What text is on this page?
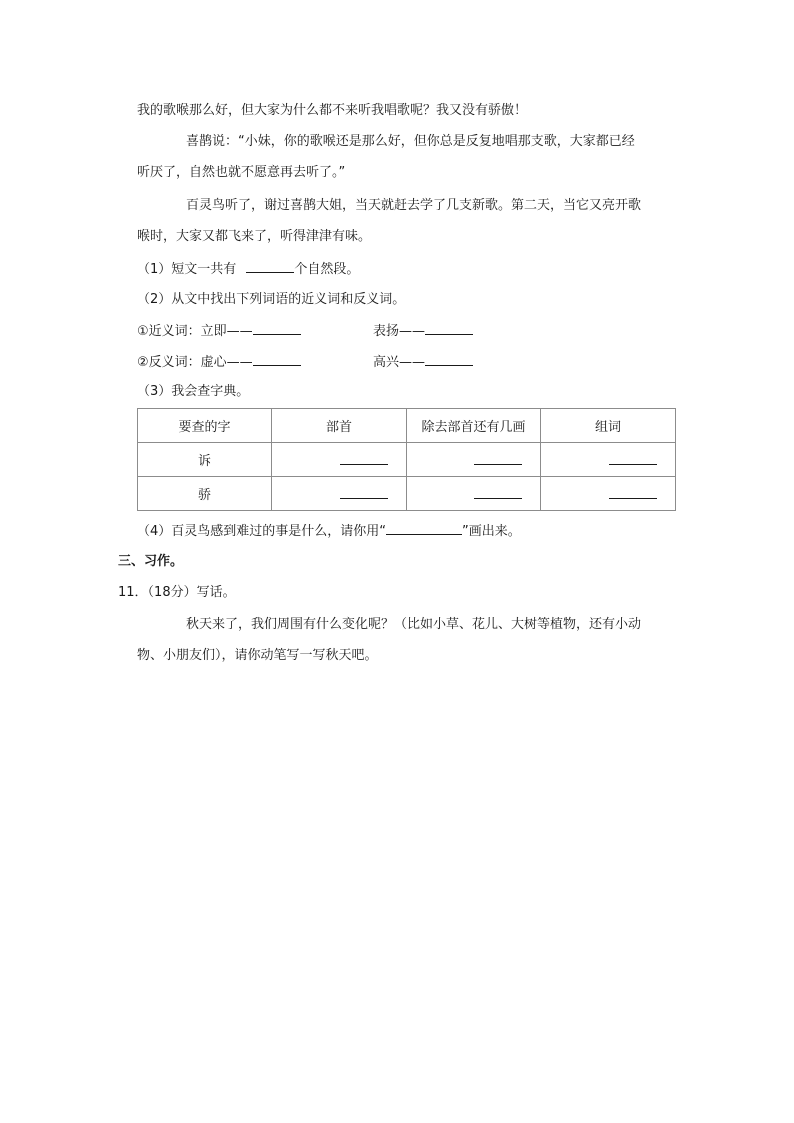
我的歌喉那么好，但大家为什么都不来听我唱歌呢？我又没有骄傲！
喜鹊说：“小妹，你的歌喉还是那么好，但你总是反复地唱那支歌，大家都已经
听厌了，自然也就不愿意再去听了。”
百灵鸟听了，谢过喜鹊大姐，当天就赶去学了几支新歌。第二天，当它又亮开歌
喉时，大家又都飞来了，听得津津有味。
（1）短文一共有	个自然段。
（2）从文中找出下列词语的近义词和反义词。
①近义词：立即——	表扬——
②反义词：虚心——	高兴——
（3）我会查字典。
要查的字	部首	除去部首还有几画	组词
诉			
骄			
（4）百灵鸟感到难过的事是什么，请你用“	”画出来。
三、习作。
11．（18分）写话。
秋天来了，我们周围有什么变化呢？（比如小草、花儿、大树等植物，还有小动
物、小朋友们），请你动笔写一写秋天吧。
